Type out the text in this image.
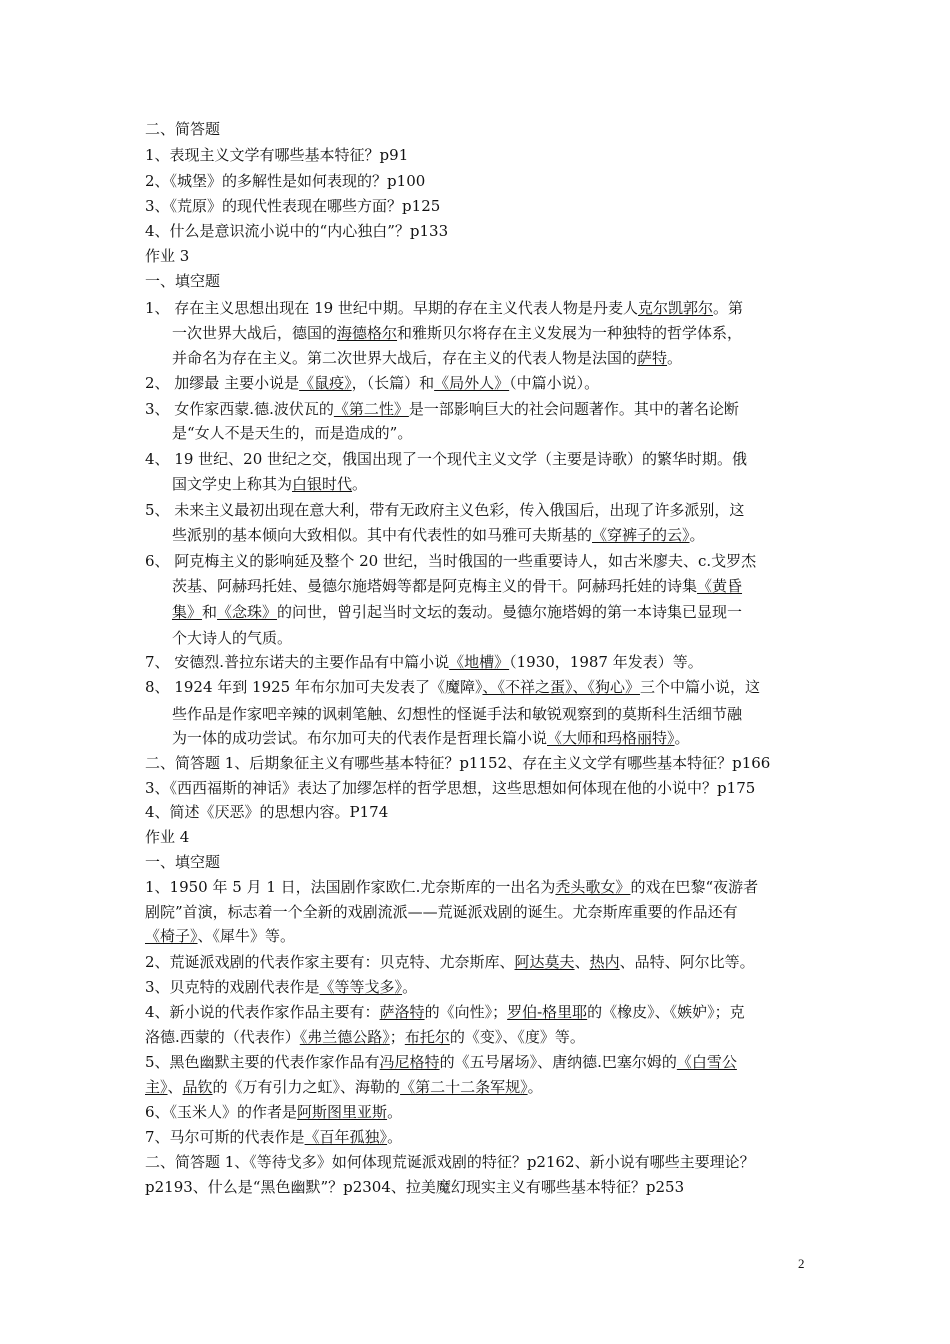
二、简答题
1、表现主义文学有哪些基本特征？p91
2、《城堡》的多解性是如何表现的？p100
3、《荒原》的现代性表现在哪些方面？p125
4、什么是意识流小说中的“内心独白”？p133
作业 3
一、填空题
1、 存在主义思想出现在 19 世纪中期。早期的存在主义代表人物是丹麦人克尔凯郭尔。第
一次世界大战后，德国的海德格尔和雅斯贝尔将存在主义发展为一种独特的哲学体系，
并命名为存在主义。第二次世界大战后，存在主义的代表人物是法国的萨特。
2、 加缪最 主要小说是《鼠疫》，（长篇）和《局外人》（中篇小说）。
3、 女作家西蒙.德.波伏瓦的《第二性》是一部影响巨大的社会问题著作。其中的著名论断
是“女人不是天生的，而是造成的”。
4、 19 世纪、20 世纪之交，俄国出现了一个现代主义文学（主要是诗歌）的繁华时期。俄
国文学史上称其为白银时代。
5、 未来主义最初出现在意大利，带有无政府主义色彩，传入俄国后，出现了许多派别，这
些派别的基本倾向大致相似。其中有代表性的如马雅可夫斯基的《穿裤子的云》。
6、 阿克梅主义的影响延及整个 20 世纪，当时俄国的一些重要诗人，如古米廖夫、c.戈罗杰
茨基、阿赫玛托娃、曼德尔施塔姆等都是阿克梅主义的骨干。阿赫玛托娃的诗集《黄昏
集》和《念珠》的问世，曾引起当时文坛的轰动。曼德尔施塔姆的第一本诗集已显现一
个大诗人的气质。
7、 安德烈.普拉东诺夫的主要作品有中篇小说《地槽》（1930，1987 年发表）等。
8、 1924 年到 1925 年布尔加可夫发表了《魔障》、《不祥之蛋》、《狗心》三个中篇小说，这
些作品是作家吧辛辣的讽刺笔触、幻想性的怪诞手法和敏锐观察到的莫斯科生活细节融
为一体的成功尝试。布尔加可夫的代表作是哲理长篇小说《大师和玛格丽特》。
二、简答题 1、后期象征主义有哪些基本特征？p1152、存在主义文学有哪些基本特征？p166
3、《西西福斯的神话》表达了加缪怎样的哲学思想，这些思想如何体现在他的小说中？p175
4、简述《厌恶》的思想内容。P174
作业 4
一、填空题
1、1950 年 5 月 1 日，法国剧作家欧仁.尤奈斯库的一出名为秃头歌女》的戏在巴黎“夜游者
剧院”首演，标志着一个全新的戏剧流派——荒诞派戏剧的诞生。尤奈斯库重要的作品还有
《椅子》、《犀牛》等。
2、荒诞派戏剧的代表作家主要有：贝克特、尤奈斯库、阿达莫夫、热内、品特、阿尔比等。
3、贝克特的戏剧代表作是《等等戈多》。
4、新小说的代表作家作品主要有：萨洛特的《向性》；罗伯-格里耶的《橡皮》、《嫉妒》；克
洛德.西蒙的（代表作）《弗兰德公路》；布托尔的《变》、《度》等。
5、黑色幽默主要的代表作家作品有冯尼格特的《五号屠场》、唐纳德.巴塞尔姆的《白雪公
主》、品钦的《万有引力之虹》、海勒的《第二十二条军规》。
6、《玉米人》的作者是阿斯图里亚斯。
7、马尔可斯的代表作是《百年孤独》。
二、简答题 1、《等待戈多》如何体现荒诞派戏剧的特征？p2162、新小说有哪些主要理论？
p2193、什么是“黑色幽默”？p2304、拉美魔幻现实主义有哪些基本特征？p253
2
